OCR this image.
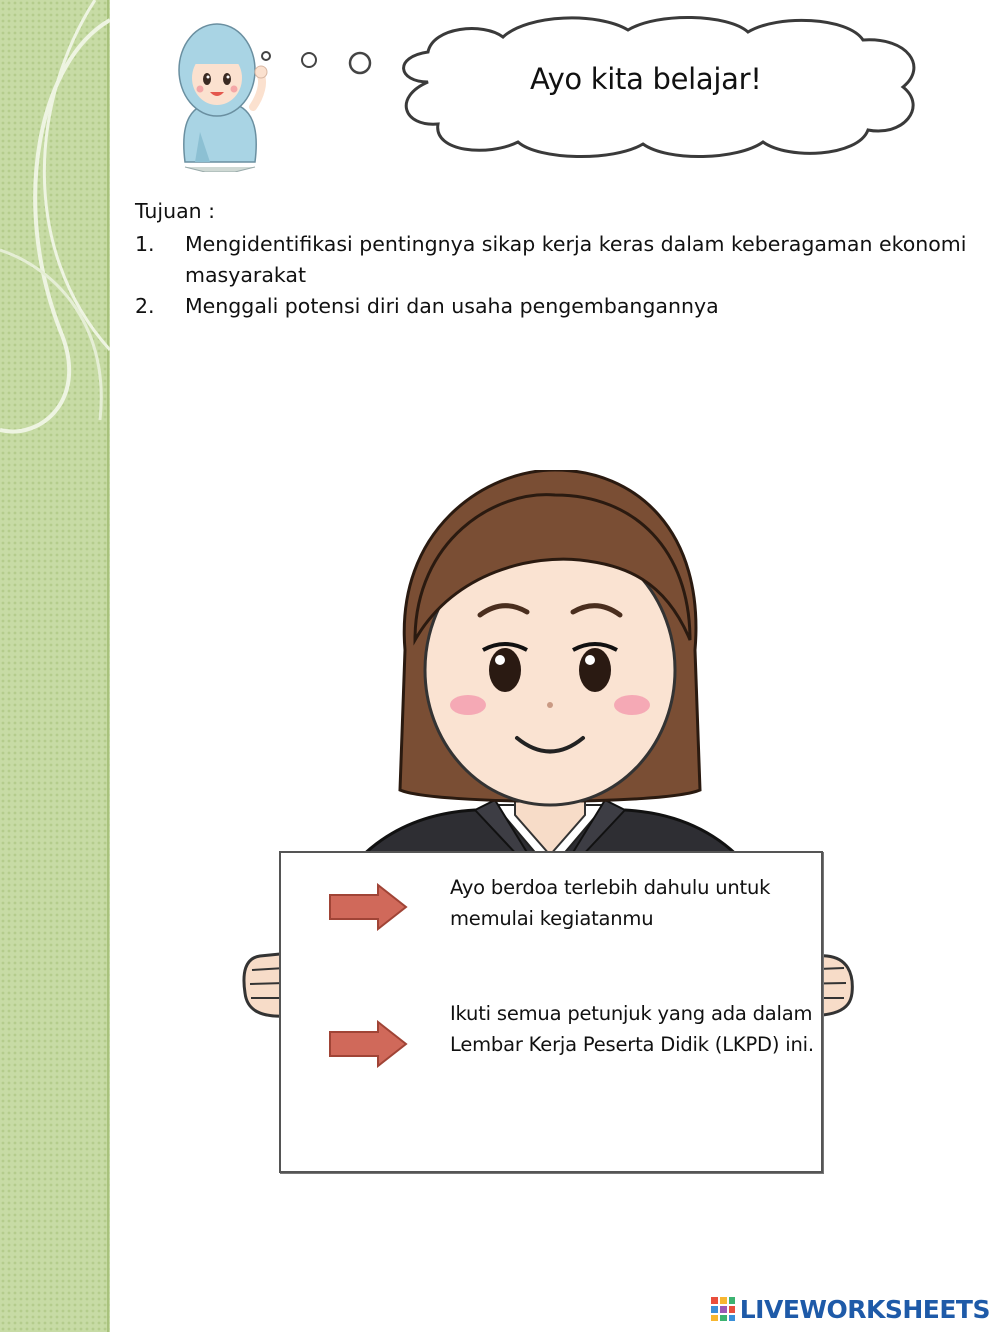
Ayo kita belajar!
Tujuan :
1. Mengidentifikasi pentingnya sikap kerja keras dalam keberagaman ekonomi masyarakat
2. Menggali potensi diri dan usaha pengembangannya
Ayo berdoa terlebih dahulu untuk memulai kegiatanmu
Ikuti semua petunjuk yang ada dalam Lembar Kerja Peserta Didik (LKPD) ini.
LIVEWORKSHEETS
